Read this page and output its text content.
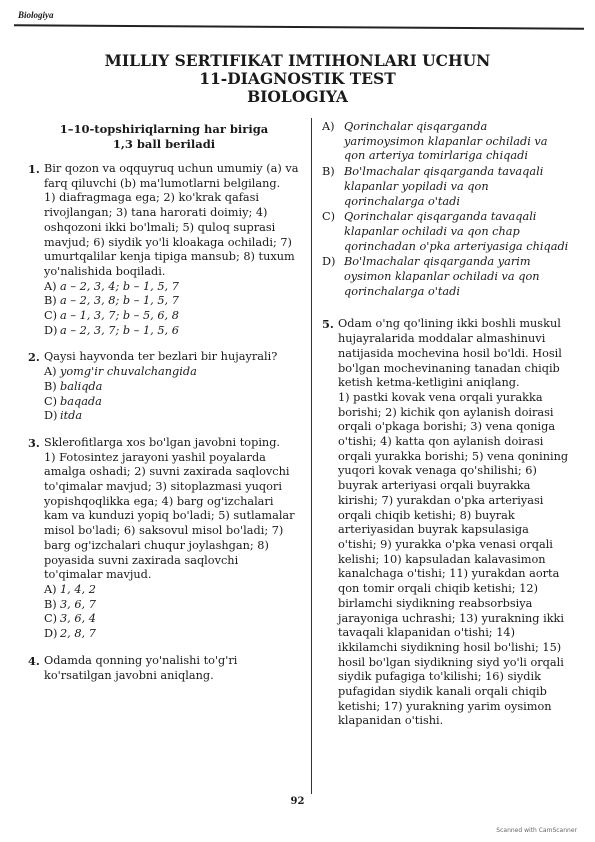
Biologiya
MILLIY SERTIFIKAT IMTIHONLARI UCHUN
11-DIAGNOSTIK TEST
BIOLOGIYA
1–10-topshiriqlarning har biriga
1,3 ball beriladi
1. Bir qozon va oqquyruq uchun umumiy (a) va farq qiluvchi (b) ma'lumotlarni belgilang.
1) diafragmaga ega; 2) ko'krak qafasi rivojlangan; 3) tana harorati doimiy; 4) oshqozoni ikki bo'lmali; 5) quloq suprasi mavjud; 6) siydik yo'li kloakaga ochiladi; 7) umurtqalilar kenja tipiga mansub; 8) tuxum yo'nalishida boqiladi.
A) a – 2, 3, 4; b – 1, 5, 7
B) a – 2, 3, 8; b – 1, 5, 7
C) a – 1, 3, 7; b – 5, 6, 8
D) a – 2, 3, 7; b – 1, 5, 6
2. Qaysi hayvonda ter bezlari bir hujayrali?
A) yomg'ir chuvalchangida
B) baliqda
C) baqada
D) itda
3. Sklerofitlarga xos bo'lgan javobni toping.
1) Fotosintez jarayoni yashil poyalarda amalga oshadi; 2) suvni zaxirada saqlovchi to'qimalar mavjud; 3) sitoplazmasi yuqori yopishqoqlikka ega; 4) barg og'izchalari kam va kunduzi yopiq bo'ladi; 5) sutlamalar misol bo'ladi; 6) saksovul misol bo'ladi; 7) barg og'izchalari chuqur joylashgan; 8) poyasida suvni zaxirada saqlovchi to'qimalar mavjud.
A) 1, 4, 2
B) 3, 6, 7
C) 3, 6, 4
D) 2, 8, 7
4. Odamda qonning yo'nalishi to'g'ri ko'rsatilgan javobni aniqlang.
A) Qorinchalar qisqarganda yarimoysimon klapanlar ochiladi va qon arteriya tomirlariga chiqadi
B) Bo'lmachalar qisqarganda tavaqali klapanlar yopiladi va qon qorinchalarga o'tadi
C) Qorinchalar qisqarganda tavaqali klapanlar ochiladi va qon chap qorinchadan o'pka arteriyasiga chiqadi
D) Bo'lmachalar qisqarganda yarim oysimon klapanlar ochiladi va qon qorinchalarga o'tadi
5. Odam o'ng qo'lining ikki boshli muskul hujayralarida moddalar almashinuvi natijasida mochevina hosil bo'ldi. Hosil bo'lgan mochevinaning tanadan chiqib ketish ketma-ketligini aniqlang.
1) pastki kovak vena orqali yurakka borishi; 2) kichik qon aylanish doirasi orqali o'pkaga borishi; 3) vena qoniga o'tishi; 4) katta qon aylanish doirasi orqali yurakka borishi; 5) vena qonining yuqori kovak venaga qo'shilishi; 6) buyrak arteriyasi orqali buyrakka kirishi; 7) yurakdan o'pka arteriyasi orqali chiqib ketishi; 8) buyrak arteriyasidan buyrak kapsulasiga o'tishi; 9) yurakka o'pka venasi orqali kelishi; 10) kapsuladan kalavasimon kanalchaga o'tishi; 11) yurakdan aorta qon tomir orqali chiqib ketishi; 12) birlamchi siydikning reabsorbsiya jarayoniga uchrashi; 13) yurakning ikki tavaqali klapanidan o'tishi; 14) ikkilamchi siydikning hosil bo'lishi; 15) hosil bo'lgan siydikning siyd yo'li orqali siydik pufagiga to'kilishi; 16) siydik pufagidan siydik kanali orqali chiqib ketishi; 17) yurakning yarim oysimon klapanidan o'tishi.
92
Scanned with CamScanner
